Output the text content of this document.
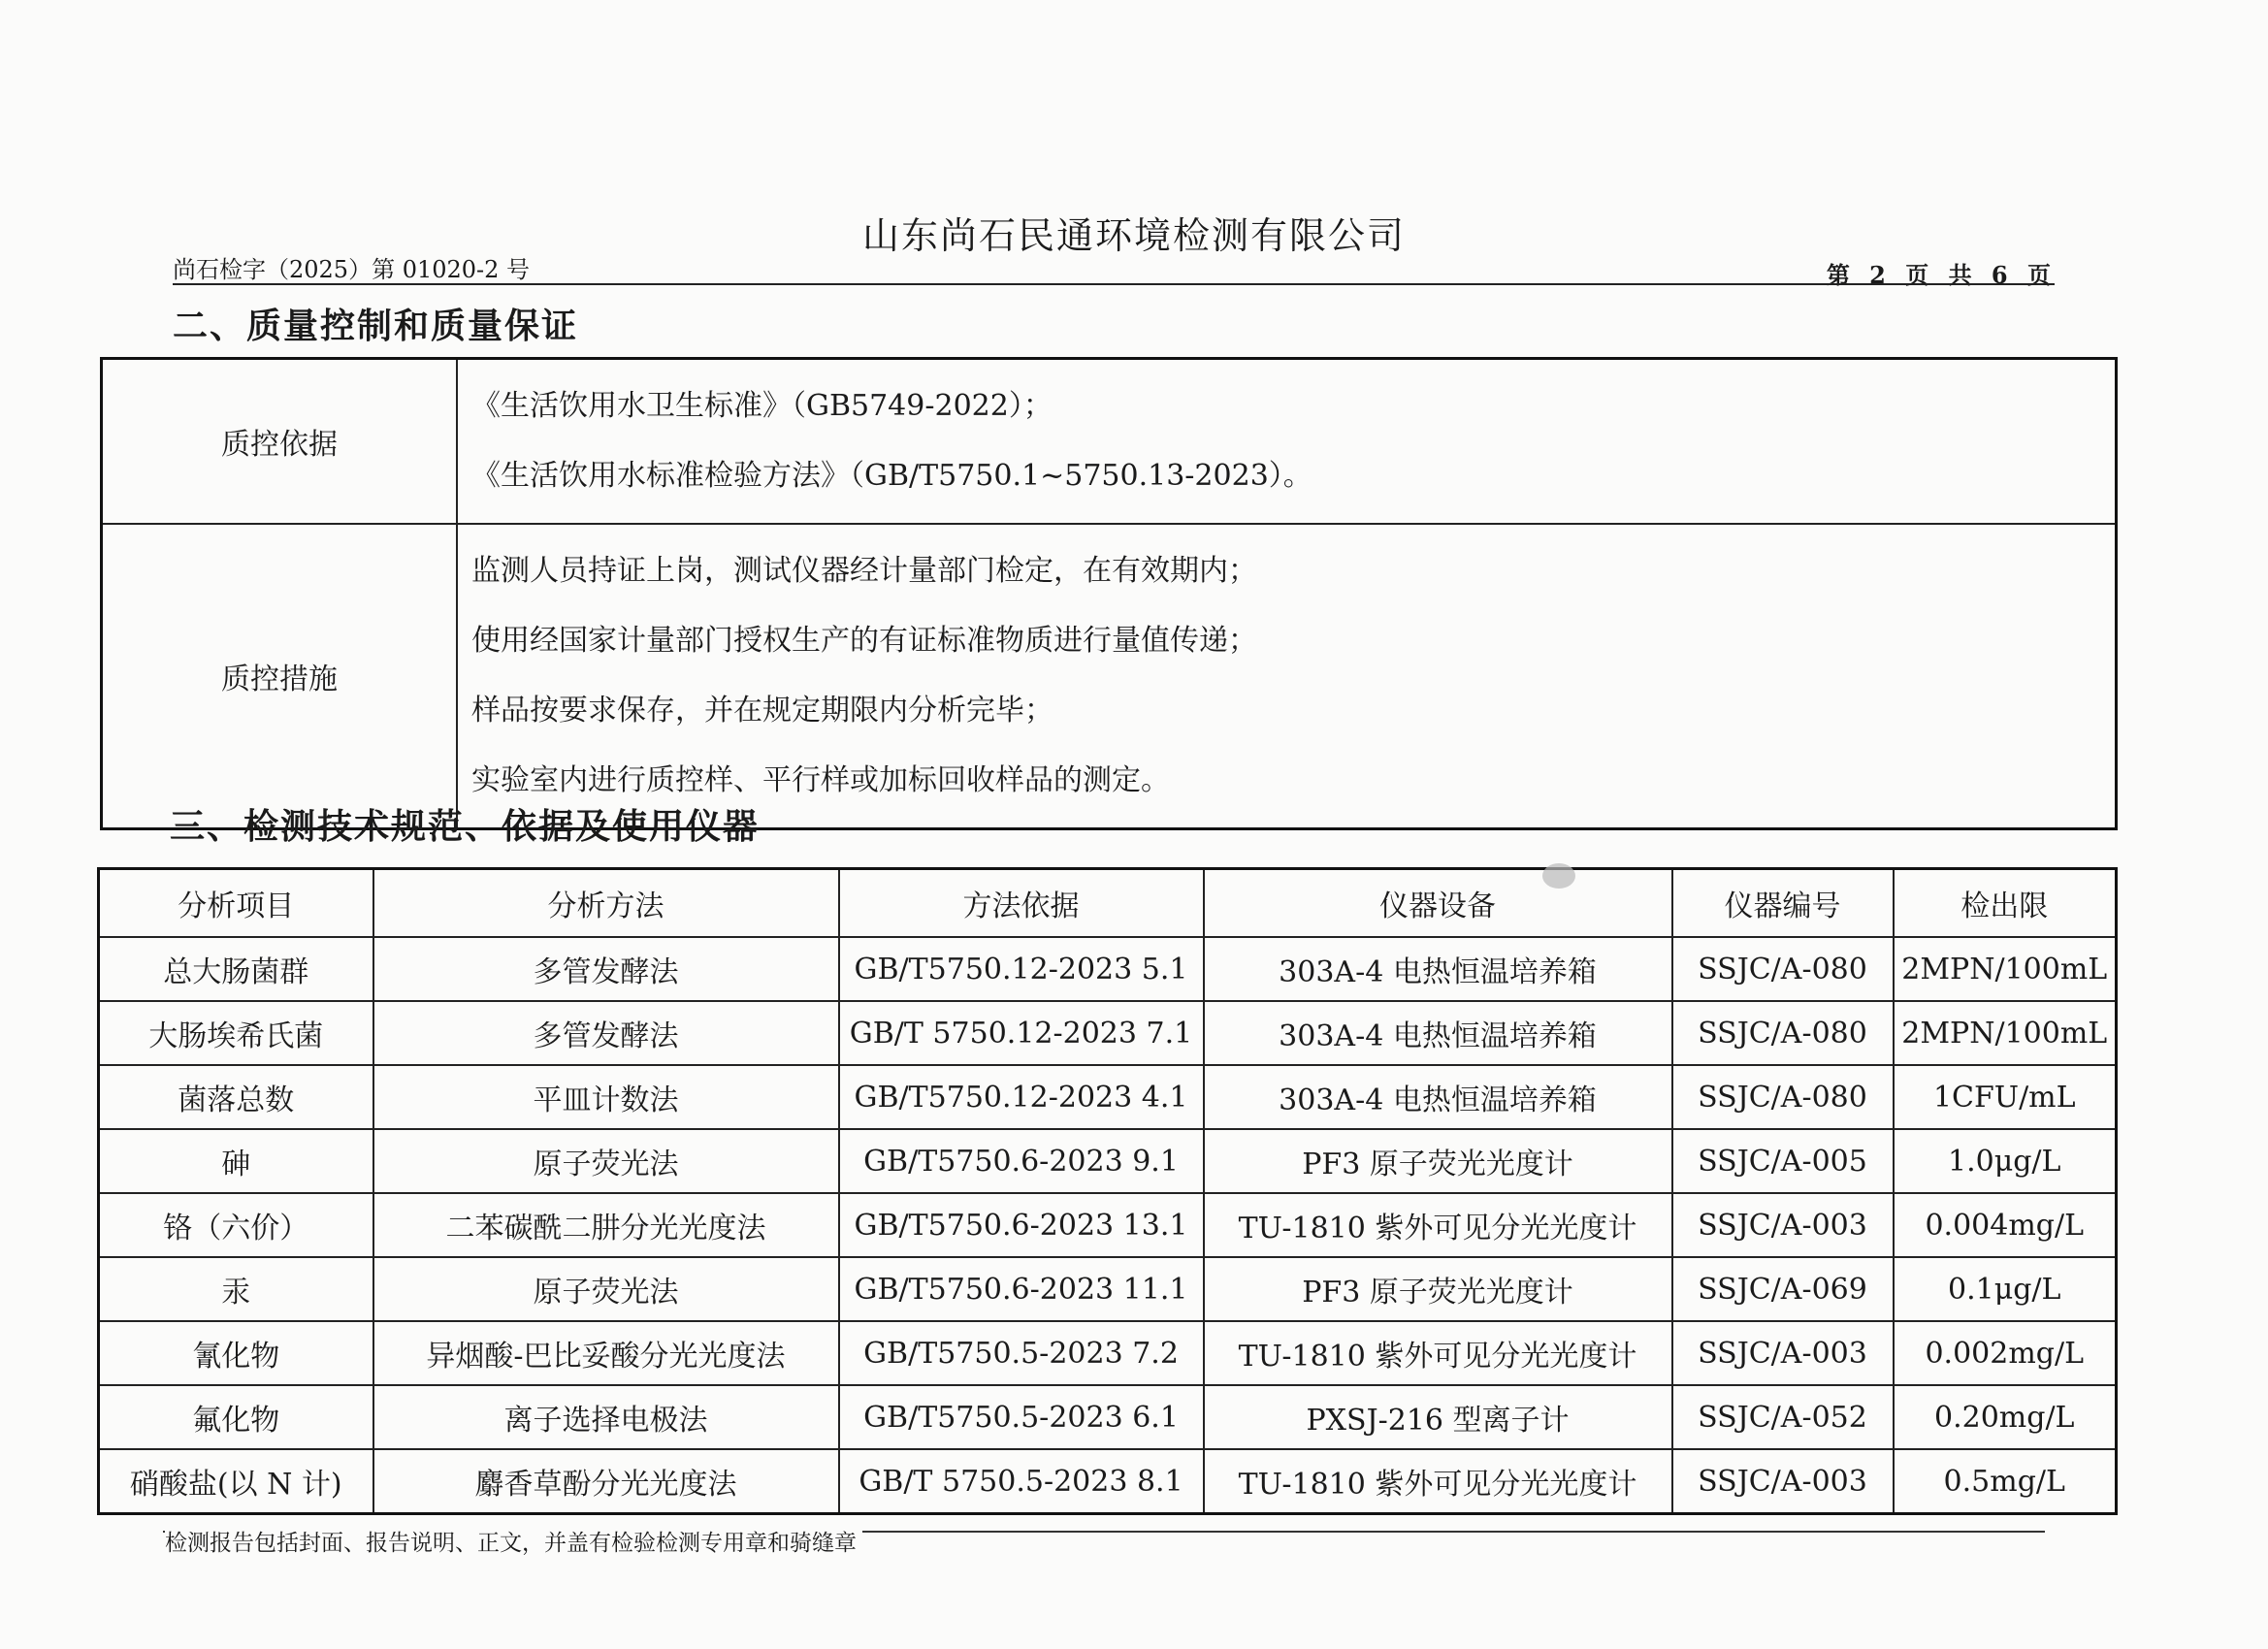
山东尚石民通环境检测有限公司
尚石检字（2025）第 01020-2 号	第 2 页 共 6 页
二、质量控制和质量保证
质控依据	《生活饮用水卫生标准》（GB5749-2022）；
《生活饮用水标准检验方法》（GB/T5750.1~5750.13-2023）。

质控措施	监测人员持证上岗，测试仪器经计量部门检定，在有效期内；
使用经国家计量部门授权生产的有证标准物质进行量值传递；
样品按要求保存，并在规定期限内分析完毕；
实验室内进行质控样、平行样或加标回收样品的测定。
三、检测技术规范、依据及使用仪器
分析项目	分析方法	方法依据	仪器设备	仪器编号	检出限
总大肠菌群	多管发酵法	GB/T5750.12-2023 5.1	303A-4 电热恒温培养箱	SSJC/A-080	2MPN/100mL
大肠埃希氏菌	多管发酵法	GB/T 5750.12-2023 7.1	303A-4 电热恒温培养箱	SSJC/A-080	2MPN/100mL
菌落总数	平皿计数法	GB/T5750.12-2023 4.1	303A-4 电热恒温培养箱	SSJC/A-080	1CFU/mL
砷	原子荧光法	GB/T5750.6-2023 9.1	PF3 原子荧光光度计	SSJC/A-005	1.0μg/L
铬（六价）	二苯碳酰二肼分光光度法	GB/T5750.6-2023 13.1	TU-1810 紫外可见分光光度计	SSJC/A-003	0.004mg/L
汞	原子荧光法	GB/T5750.6-2023 11.1	PF3 原子荧光光度计	SSJC/A-069	0.1μg/L
氰化物	异烟酸-巴比妥酸分光光度法	GB/T5750.5-2023 7.2	TU-1810 紫外可见分光光度计	SSJC/A-003	0.002mg/L
氟化物	离子选择电极法	GB/T5750.5-2023 6.1	PXSJ-216 型离子计	SSJC/A-052	0.20mg/L
硝酸盐(以 N 计)	麝香草酚分光光度法	GB/T 5750.5-2023 8.1	TU-1810 紫外可见分光光度计	SSJC/A-003	0.5mg/L
检测报告包括封面、报告说明、正文，并盖有检验检测专用章和骑缝章
